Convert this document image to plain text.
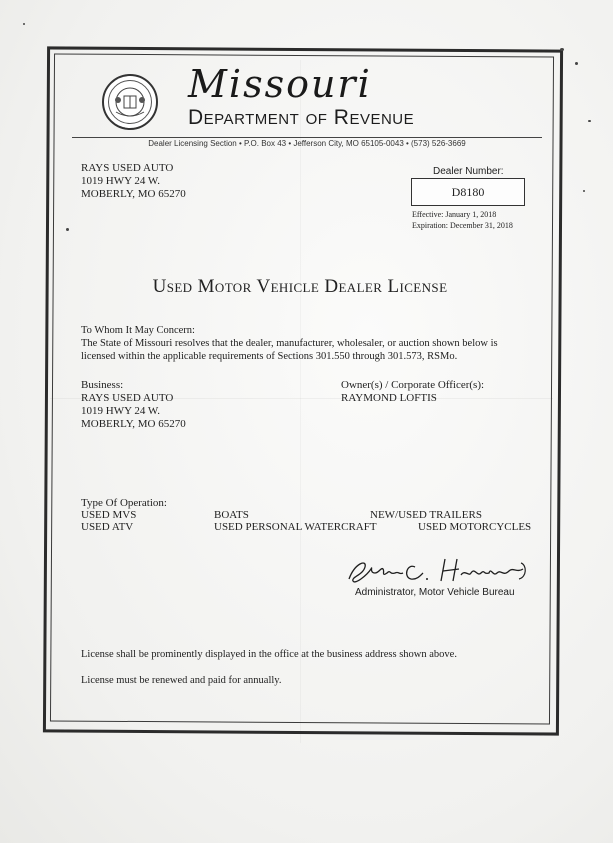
Missouri
Department of Revenue
Dealer Licensing Section • P.O. Box 43 • Jefferson City, MO 65105-0043 • (573) 526-3669
RAYS USED AUTO
1019 HWY 24 W.
MOBERLY, MO 65270
Dealer Number:
D8180
Effective: January 1, 2018
Expiration: December 31, 2018
Used Motor Vehicle Dealer License
To Whom It May Concern:
The State of Missouri resolves that the dealer, manufacturer, wholesaler, or auction shown below is licensed within the applicable requirements of Sections 301.550 through 301.573, RSMo.
Business:
RAYS USED AUTO
1019 HWY 24 W.
MOBERLY, MO 65270
Owner(s) / Corporate Officer(s):
RAYMOND LOFTIS
Type Of Operation:
USED MVS
USED ATV
BOATS
USED PERSONAL WATERCRAFT
NEW/USED TRAILERS
USED MOTORCYCLES
Administrator, Motor Vehicle Bureau
License shall be prominently displayed in the office at the business address shown above.
License must be renewed and paid for annually.
